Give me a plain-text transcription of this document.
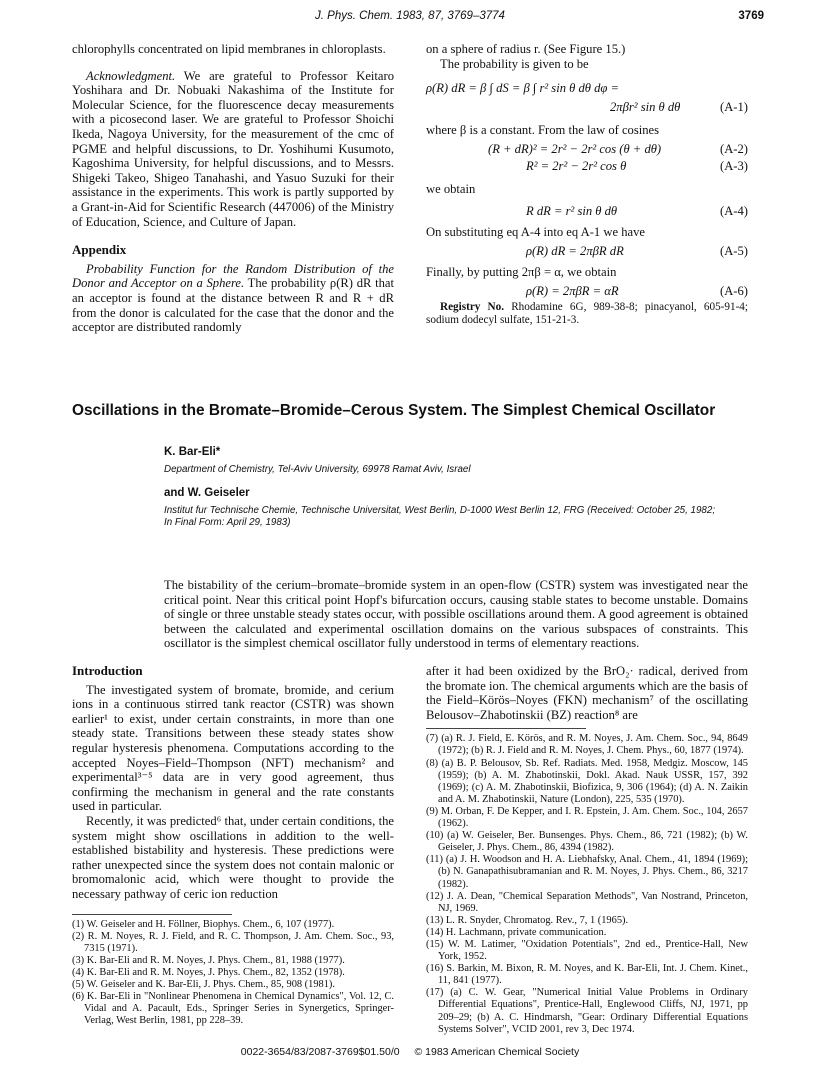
J. Phys. Chem. 1983, 87, 3769–3774	3769

chlorophylls concentrated on lipid membranes in chloroplasts.

Acknowledgment. We are grateful to Professor Keitaro Yoshihara and Dr. Nobuaki Nakashima of the Institute for Molecular Science, for the fluorescence decay measurements with a picosecond laser. We are grateful to Professor Shoichi Ikeda, Nagoya University, for the measurement of the cmc of PGME and helpful discussions, to Dr. Yoshihumi Kusumoto, Kagoshima University, for helpful discussions, and to Messrs. Shigeki Takeo, Shigeo Tanahashi, and Yasuo Suzuki for their assistance in the experiments. This work is partly supported by a Grant-in-Aid for Scientific Research (447006) of the Ministry of Education, Science, and Culture of Japan.

Appendix

Probability Function for the Random Distribution of the Donor and Acceptor on a Sphere. The probability ρ(R) dR that an acceptor is found at the distance between R and R + dR from the donor is calculated for the case that the donor and the acceptor are distributed randomly

on a sphere of radius r. (See Figure 15.)

The probability is given to be

ρ(R) dR = β ∫ dS = β ∫ r² sin θ dθ dφ =
2πβr² sin θ dθ	(A-1)

where β is a constant. From the law of cosines

(R + dR)² = 2r² − 2r² cos (θ + dθ)	(A-2)
R² = 2r² − 2r² cos θ	(A-3)

we obtain

R dR = r² sin θ dθ	(A-4)

On substituting eq A-4 into eq A-1 we have

ρ(R) dR = 2πβR dR	(A-5)

Finally, by putting 2πβ = α, we obtain

ρ(R) = 2πβR = αR	(A-6)

Registry No. Rhodamine 6G, 989-38-8; pinacyanol, 605-91-4; sodium dodecyl sulfate, 151-21-3.

Oscillations in the Bromate–Bromide–Cerous System. The Simplest Chemical Oscillator
K. Bar-Eli*
Department of Chemistry, Tel-Aviv University, 69978 Ramat Aviv, Israel
and W. Geiseler
Institut fur Technische Chemie, Technische Universitat, West Berlin, D-1000 West Berlin 12, FRG (Received: October 25, 1982;
In Final Form: April 29, 1983)
The bistability of the cerium–bromate–bromide system in an open-flow (CSTR) system was investigated near the critical point. Near this critical point Hopf's bifurcation occurs, causing stable states to become unstable. Domains of single or three unstable steady states occur, with possible oscillations around them. A good agreement is obtained between the calculated and experimental oscillation domains on the various subspaces of constraints. This oscillator is the simplest chemical oscillator fully understood in terms of elementary reactions.
Introduction

The investigated system of bromate, bromide, and cerium ions in a continuous stirred tank reactor (CSTR) was shown earlier¹ to exist, under certain constraints, in more than one steady state. Transitions between these steady states show regular hysteresis phenomena. Computations according to the accepted Noyes–Field–Thompson (NFT) mechanism² and experimental³⁻⁵ data are in very good agreement, thus confirming the mechanism in general and the rate constants used in particular.

Recently, it was predicted⁶ that, under certain conditions, the system might show oscillations in addition to the well-established bistability and hysteresis. These predictions were rather unexpected since the system does not contain malonic or bromomalonic acid, which were thought to provide the necessary pathway of ceric ion reduction

(1) W. Geiseler and H. Föllner, Biophys. Chem., 6, 107 (1977).

(2) R. M. Noyes, R. J. Field, and R. C. Thompson, J. Am. Chem. Soc., 93, 7315 (1971).

(3) K. Bar-Eli and R. M. Noyes, J. Phys. Chem., 81, 1988 (1977).

(4) K. Bar-Eli and R. M. Noyes, J. Phys. Chem., 82, 1352 (1978).

(5) W. Geiseler and K. Bar-Eli, J. Phys. Chem., 85, 908 (1981).

(6) K. Bar-Eli in "Nonlinear Phenomena in Chemical Dynamics", Vol. 12, C. Vidal and A. Pacault, Eds., Springer Series in Synergetics, Springer-Verlag, West Berlin, 1981, pp 228–39.

after it had been oxidized by the BrO₂· radical, derived from the bromate ion. The chemical arguments which are the basis of the Field–Körös–Noyes (FKN) mechanism⁷ of the oscillating Belousov–Zhabotinskii (BZ) reaction⁸ are

(7) (a) R. J. Field, E. Körös, and R. M. Noyes, J. Am. Chem. Soc., 94, 8649 (1972); (b) R. J. Field and R. M. Noyes, J. Chem. Phys., 60, 1877 (1974).

(8) (a) B. P. Belousov, Sb. Ref. Radiats. Med. 1958, Medgiz. Moscow, 145 (1959); (b) A. M. Zhabotinskii, Dokl. Akad. Nauk USSR, 157, 392 (1969); (c) A. M. Zhabotinskii, Biofizica, 9, 306 (1964); (d) A. N. Zaikin and A. M. Zhabotinskii, Nature (London), 225, 535 (1970).

(9) M. Orban, F. De Kepper, and I. R. Epstein, J. Am. Chem. Soc., 104, 2657 (1962).

(10) (a) W. Geiseler, Ber. Bunsenges. Phys. Chem., 86, 721 (1982); (b) W. Geiseler, J. Phys. Chem., 86, 4394 (1982).

(11) (a) J. H. Woodson and H. A. Liebhafsky, Anal. Chem., 41, 1894 (1969); (b) N. Ganapathisubramanian and R. M. Noyes, J. Phys. Chem., 86, 3217 (1982).

(12) J. A. Dean, "Chemical Separation Methods", Van Nostrand, Princeton, NJ, 1969.

(13) L. R. Snyder, Chromatog. Rev., 7, 1 (1965).

(14) H. Lachmann, private communication.

(15) W. M. Latimer, "Oxidation Potentials", 2nd ed., Prentice-Hall, New York, 1952.

(16) S. Barkin, M. Bixon, R. M. Noyes, and K. Bar-Eli, Int. J. Chem. Kinet., 11, 841 (1977).

(17) (a) C. W. Gear, "Numerical Initial Value Problems in Ordinary Differential Equations", Prentice-Hall, Englewood Cliffs, NJ, 1971, pp 209–29; (b) A. C. Hindmarsh, "Gear: Ordinary Differential Equations Systems Solver", VCID 2001, rev 3, Dec 1974.

0022-3654/83/2087-3769$01.50/0 © 1983 American Chemical Society
